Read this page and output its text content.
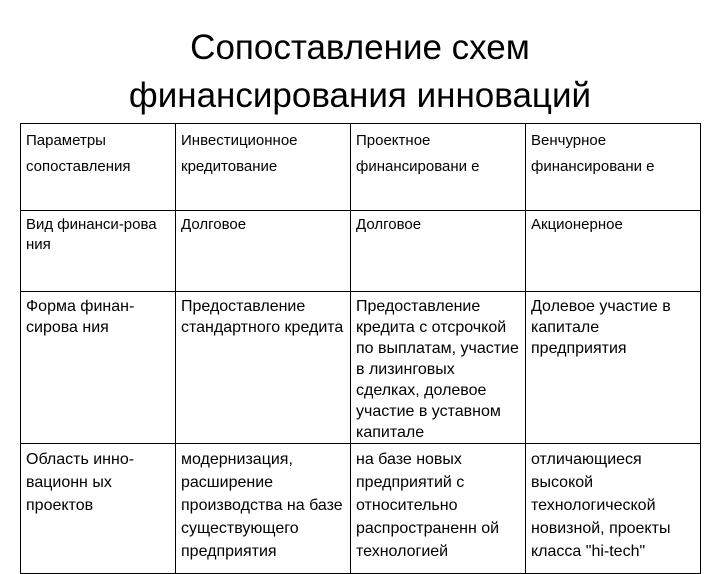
Сопоставление схем
финансирования инноваций
Параметры сопоставления	Инвестиционное кредитование	Проектное финансировани е	Венчурное финансировани е
Вид финанси-рова ния	Долговое	Долговое	Акционерное
Форма финан-сирова ния	Предоставление стандартного кредита	Предоставление кредита с отсрочкой по выплатам, участие в лизинговых сделках, долевое участие в уставном капитале	Долевое участие в капитале предприятия
Область инно-вационн ых проектов	модернизация, расширение производства на базе существующего предприятия	на базе новых предприятий с относительно распространенн ой технологией	отличающиеся высокой технологической новизной, проекты класса "hi-tech"
